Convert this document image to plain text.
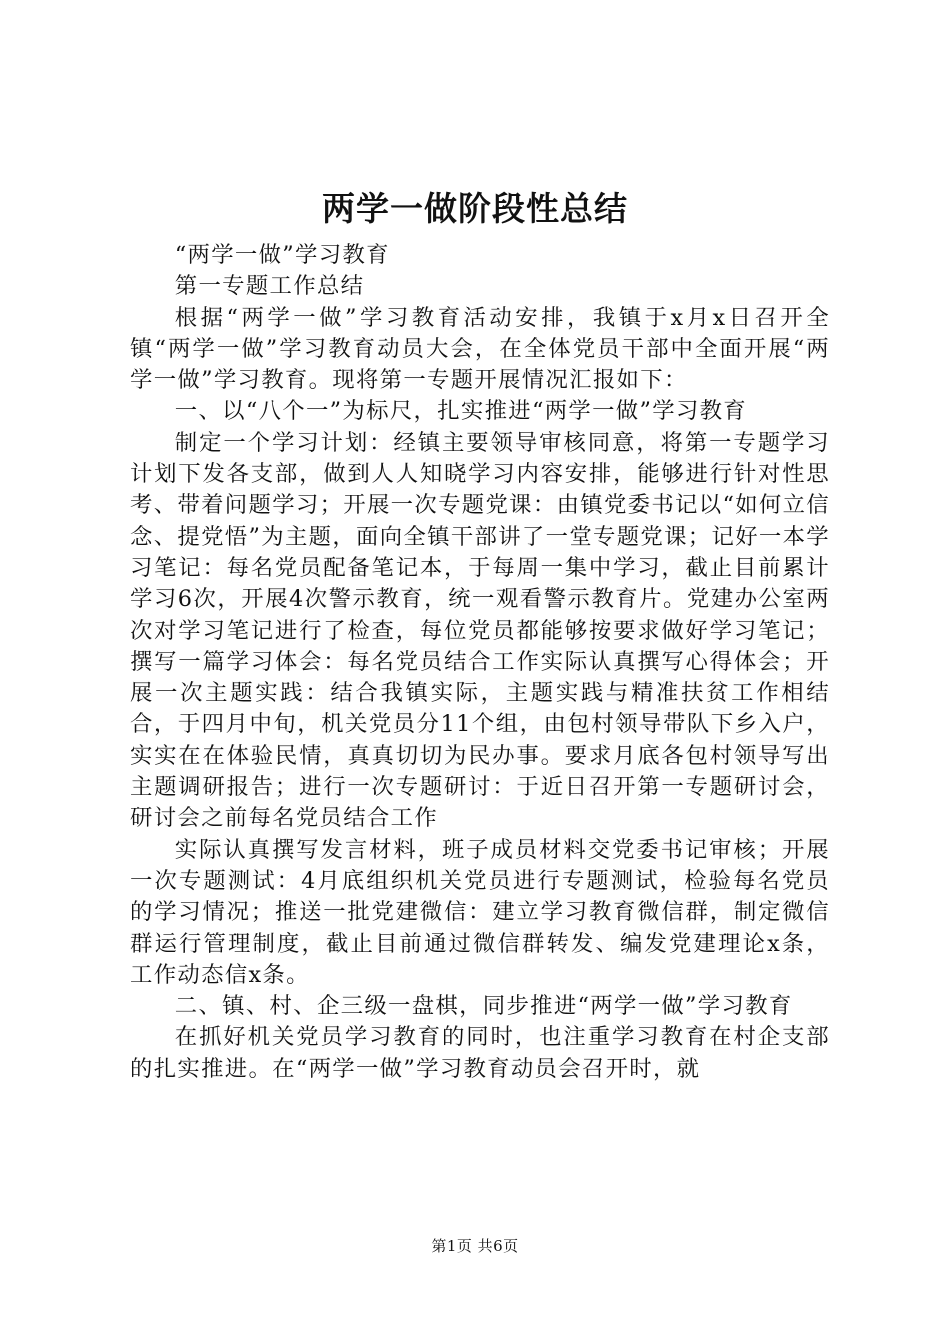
两学一做阶段性总结

“两学一做”学习教育

第一专题工作总结

根据“两学一做”学习教育活动安排，我镇于x月x日召开全镇“两学一做”学习教育动员大会，在全体党员干部中全面开展“两学一做”学习教育。现将第一专题开展情况汇报如下：

一、以“八个一”为标尺，扎实推进“两学一做”学习教育

制定一个学习计划：经镇主要领导审核同意，将第一专题学习计划下发各支部，做到人人知晓学习内容安排，能够进行针对性思考、带着问题学习；开展一次专题党课：由镇党委书记以“如何立信念、提党悟”为主题，面向全镇干部讲了一堂专题党课；记好一本学习笔记：每名党员配备笔记本，于每周一集中学习，截止目前累计学习6次，开展4次警示教育，统一观看警示教育片。党建办公室两次对学习笔记进行了检查，每位党员都能够按要求做好学习笔记；撰写一篇学习体会：每名党员结合工作实际认真撰写心得体会；开展一次主题实践：结合我镇实际，主题实践与精准扶贫工作相结合，于四月中旬，机关党员分11个组，由包村领导带队下乡入户，实实在在体验民情，真真切切为民办事。要求月底各包村领导写出主题调研报告；进行一次专题研讨：于近日召开第一专题研讨会，研讨会之前每名党员结合工作

实际认真撰写发言材料，班子成员材料交党委书记审核；开展一次专题测试：4月底组织机关党员进行专题测试，检验每名党员的学习情况；推送一批党建微信：建立学习教育微信群，制定微信群运行管理制度，截止目前通过微信群转发、编发党建理论x条，工作动态信x条。

二、镇、村、企三级一盘棋，同步推进“两学一做”学习教育

在抓好机关党员学习教育的同时，也注重学习教育在村企支部的扎实推进。在“两学一做”学习教育动员会召开时，就

第1页 共6页
